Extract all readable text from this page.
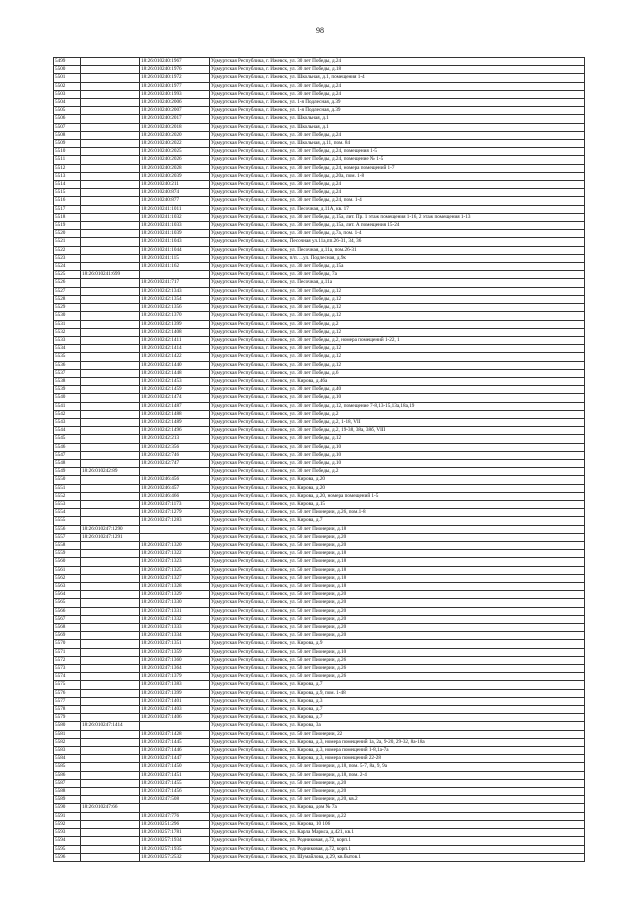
98
5499		18:26:010240:1967	Удмуртская Республика, г. Ижевск, ул. 30 лет Победы, д.24
5500		18:26:010240:1976	Удмуртская Республика, г. Ижевск, ул. 30 лет Победы, д.18
5501		18:26:010240:1972	Удмуртская Республика, г. Ижевск, ул. Школьная, д.1, помещения 1-4
5502		18:26:010240:1977	Удмуртская Республика, г. Ижевск, ул. 30 лет Победы, д.24
5503		18:26:010240:1993	Удмуртская Республика, г. Ижевск, ул. 30 лет Победы, д.24
5504		18:26:010240:2006	Удмуртская Республика, г. Ижевск, ул. 1-я Подлесная, д.39
5505		18:26:010240:2007	Удмуртская Республика, г. Ижевск, ул. 1-я Подлесная, д.39
5506		18:26:010240:2017	Удмуртская Республика, г. Ижевск, ул. Школьная, д.1
5507		18:26:010240:2018	Удмуртская Республика, г. Ижевск, ул. Школьная, д.1
5508		18:26:010240:2020	Удмуртская Республика, г. Ижевск, ул. 30 лет Победы, д.24
5509		18:26:010240:2022	Удмуртская Республика, г. Ижевск, ул. Школьная, д.11, пом. 84
5510		18:26:010240:2025	Удмуртская Республика, г. Ижевск, ул. 30 лет Победы, д.24, помещения 1-5
5511		18:26:010240:2026	Удмуртская Республика, г. Ижевск, ул. 30 лет Победы, д.24, помещение № 1-5
5512		18:26:010240:2028	Удмуртская Республика, г. Ижевск, ул. 30 лет Победы, д.24, номера помещений 1-7
5513		18:26:010240:2039	Удмуртская Республика, г. Ижевск, ул. 30 лет Победы, д.20а, пом. 1-8
5514		18:26:010240:211	Удмуртская Республика, г. Ижевск, ул. 30 лет Победы, д.24
5515		18:26:010240:874	Удмуртская Республика, г. Ижевск, ул. 30 лет Победы, д.24
5516		18:26:010240:877	Удмуртская Республика, г. Ижевск, ул. 30 лет Победы, д.24, пом. 1-4
5517		18:26:010241:1011	Удмуртская Республика, г. Ижевск, ул. Песочная, д.11А, кв. 17
5518		18:26:010241:1032	Удмуртская Республика, г. Ижевск, ул. 30 лет Победы, д.15а, лит. Пр. 1 этаж помещения 1-16, 2 этаж помещения 1-13
5519		18:26:010241:1033	Удмуртская Республика, г. Ижевск, ул. 30 лет Победы, д.15а, лит. А помещения 15-24
5520		18:26:010241:1039	Удмуртская Республика, г. Ижевск, ул. 30 лет Победы, д.7а, пом. 1-4
5521		18:26:010241:1043	Удмуртская Республика, г. Ижевск, Песочная ул.11а,пп.26-31, 34, 36
5522		18:26:010241:1044	Удмуртская Республика, г. Ижевск, ул. Песочная, д.11а, пом.26-31
5523		18:26:010241:115	Удмуртская Республика, г. Ижевск, п/п. ...ул. Подлесная, д.9к
5524		18:26:010241:162	Удмуртская Республика, г. Ижевск, ул. 30 лет Победы, д.15а
5525	18:26:010241:699		Удмуртская Республика, г. Ижевск, ул. 30 лет Победы, 7а
5526		18:26:010241:717	Удмуртская Республика, г. Ижевск, ул. Песочная, д.11а
5527		18:26:010242:1343	Удмуртская Республика, г. Ижевск, ул. 30 лет Победы, д.12
5528		18:26:010242:1354	Удмуртская Республика, г. Ижевск, ул. 30 лет Победы, д.12
5529		18:26:010242:1356	Удмуртская Республика, г. Ижевск, ул. 30 лет Победы, д.12
5530		18:26:010242:1370	Удмуртская Республика, г. Ижевск, ул. 30 лет Победы, д.12
5531		18:26:010242:1399	Удмуртская Республика, г. Ижевск, ул. 30 лет Победы, д.2
5532		18:26:010242:1408	Удмуртская Республика, г. Ижевск, ул. 30 лет Победы, д.12
5533		18:26:010242:1411	Удмуртская Республика, г. Ижевск, ул. 30 лет Победы, д.2, номера помещений 1-22, 1
5534		18:26:010242:1414	Удмуртская Республика, г. Ижевск, ул. 30 лет Победы, д.12
5535		18:26:010242:1422	Удмуртская Республика, г. Ижевск, ул. 30 лет Победы, д.12
5536		18:26:010242:1440	Удмуртская Республика, г. Ижевск, ул. 30 лет Победы, д.12
5537		18:26:010242:1448	Удмуртская Республика, г. Ижевск, ул. 30 лет Победы, д.6
5538		18:26:010242:1453	Удмуртская Республика, г. Ижевск, ул. Кирова, д.46а
5539		18:26:010242:1459	Удмуртская Республика, г. Ижевск, ул. 30 лет Победы, д.40
5540		18:26:010242:1474	Удмуртская Республика, г. Ижевск, ул. 30 лет Победы, д.10
5541		18:26:010242:1487	Удмуртская Республика, г. Ижевск, ул. 30 лет Победы, д.12, помещение 7-8,13-15,13а,18а,19
5542		18:26:010242:1488	Удмуртская Республика, г. Ижевск, ул. 30 лет Победы, д.2
5543		18:26:010242:1489	Удмуртская Республика, г. Ижевск, ул. 30 лет Победы, д.2, 1-18, VII
5544		18:26:010242:1496	Удмуртская Республика, г. Ижевск, ул. 30 лет Победы, д.2, 19-38, 38а, 38б, VIII
5545		18:26:010242:213	Удмуртская Республика, г. Ижевск, ул. 30 лет Победы, д.12
5546		18:26:010242:356	Удмуртская Республика, г. Ижевск, ул. 30 лет Победы, д.10
5547		18:26:010242:746	Удмуртская Республика, г. Ижевск, ул. 30 лет Победы, д.10
5548		18:26:010242:747	Удмуртская Республика, г. Ижевск, ул. 30 лет Победы, д.10
5549	18:26:010242:89		Удмуртская Республика, г. Ижевск, ул. 30 лет Победы, д.2
5550		18:26:010246:456	Удмуртская Республика, г. Ижевск, ул. Кирова, д.20
5551		18:26:010246:457	Удмуртская Республика, г. Ижевск, ул. Кирова, д.20
5552		18:26:010246:466	Удмуртская Республика, г. Ижевск, ул. Кирова, д.20, номера помещений 1-5
5553		18:26:010247:1173	Удмуртская Республика, г. Ижевск, ул. Кирова, д.15
5554		18:26:010247:1279	Удмуртская Республика, г. Ижевск, ул. 50 лет Пионерии, д.26, пом.1-8
5555		18:26:010247:1283	Удмуртская Республика, г. Ижевск, ул. Кирова, д.7
5556	18:26:010247:1290		Удмуртская Республика, г. Ижевск, ул. 50 лет Пионерии, д.18
5557	18:26:010247:1291		Удмуртская Республика, г. Ижевск, ул. 50 лет Пионерии, д.20
5558		18:26:010247:1320	Удмуртская Республика, г. Ижевск, ул. 50 лет Пионерии, д.20
5559		18:26:010247:1322	Удмуртская Республика, г. Ижевск, ул. 50 лет Пионерии, д.18
5560		18:26:010247:1323	Удмуртская Республика, г. Ижевск, ул. 50 лет Пионерии, д.18
5561		18:26:010247:1325	Удмуртская Республика, г. Ижевск, ул. 50 лет Пионерии, д.18
5562		18:26:010247:1327	Удмуртская Республика, г. Ижевск, ул. 50 лет Пионерии, д.18
5563		18:26:010247:1328	Удмуртская Республика, г. Ижевск, ул. 50 лет Пионерии, д.18
5564		18:26:010247:1329	Удмуртская Республика, г. Ижевск, ул. 50 лет Пионерии, д.20
5565		18:26:010247:1330	Удмуртская Республика, г. Ижевск, ул. 50 лет Пионерии, д.20
5566		18:26:010247:1331	Удмуртская Республика, г. Ижевск, ул. 50 лет Пионерии, д.20
5567		18:26:010247:1332	Удмуртская Республика, г. Ижевск, ул. 50 лет Пионерии, д.20
5568		18:26:010247:1333	Удмуртская Республика, г. Ижевск, ул. 50 лет Пионерии, д.20
5569		18:26:010247:1334	Удмуртская Республика, г. Ижевск, ул. 50 лет Пионерии, д.20
5570		18:26:010247:1351	Удмуртская Республика, г. Ижевск, ул. Кирова, д.9
5571		18:26:010247:1359	Удмуртская Республика, г. Ижевск, ул. 50 лет Пионерии, д.10
5572		18:26:010247:1360	Удмуртская Республика, г. Ижевск, ул. 50 лет Пионерии, д.26
5573		18:26:010247:1364	Удмуртская Республика, г. Ижевск, ул. 50 лет Пионерии, д.26
5574		18:26:010247:1379	Удмуртская Республика, г. Ижевск, ул. 50 лет Пионерии, д.26
5575		18:26:010247:1383	Удмуртская Республика, г. Ижевск, ул. Кирова, д.7
5576		18:26:010247:1399	Удмуртская Республика, г. Ижевск, ул. Кирова, д.9, пом. 1-48
5577		18:26:010247:1401	Удмуртская Республика, г. Ижевск, ул. Кирова, д.3
5578		18:26:010247:1403	Удмуртская Республика, г. Ижевск, ул. Кирова, д.7
5579		18:26:010247:1406	Удмуртская Республика, г. Ижевск, ул. Кирова, д.7
5580	18:26:010247:1414		Удмуртская Республика, г. Ижевск, ул. Кирова, 3а
5581		18:26:010247:1428	Удмуртская Республика, г. Ижевск, ул. 50 лет Пионерии, 22
5582		18:26:010247:1445	Удмуртская Республика, г. Ижевск, ул. Кирова, д.3, номера помещений 1а, 2а, 9-20, 29-32, 8а-18а
5583		18:26:010247:1446	Удмуртская Республика, г. Ижевск, ул. Кирова, д.3, номера помещений 1-8,1а-7а
5584		18:26:010247:1447	Удмуртская Республика, г. Ижевск, ул. Кирова, д.3, номера помещений 22-28
5585		18:26:010247:1450	Удмуртская Республика, г. Ижевск, ул. 50 лет Пионерии, д.18, пом. 5-7, 8а, 9, 9а
5586		18:26:010247:1451	Удмуртская Республика, г. Ижевск, ул. 50 лет Пионерии, д.18, пом. 2-4
5587		18:26:010247:1455	Удмуртская Республика, г. Ижевск, ул. 50 лет Пионерии, д.20
5588		18:26:010247:1456	Удмуртская Республика, г. Ижевск, ул. 50 лет Пионерии, д.20
5589		18:26:010247:508	Удмуртская Республика, г. Ижевск, ул. 50 лет Пионерии, д.20, кв.2
5590	18:26:010247:66		Удмуртская Республика, г. Ижевск, ул. Кирова, дом № 7а
5591		18:26:010247:776	Удмуртская Республика, г. Ижевск, ул. 50 лет Пионерии, д.22
5592		18:26:010251:296	Удмуртская Республика, г. Ижевск, ул. Кирова, 10 106
5593		18:26:010257:1781	Удмуртская Республика, г. Ижевск, ул. Карла Маркса, д.421, кв.1
5594		18:26:010257:1934	Удмуртская Республика, г. Ижевск, ул. Родниковая, д.72, корп.1
5595		18:26:010257:1935	Удмуртская Республика, г. Ижевск, ул. Родниковая, д.72, корп.1
5596		18:26:010257:2532	Удмуртская Республика, г. Ижевск, ул. Шумайлова, д.29, кв.бытов.1
